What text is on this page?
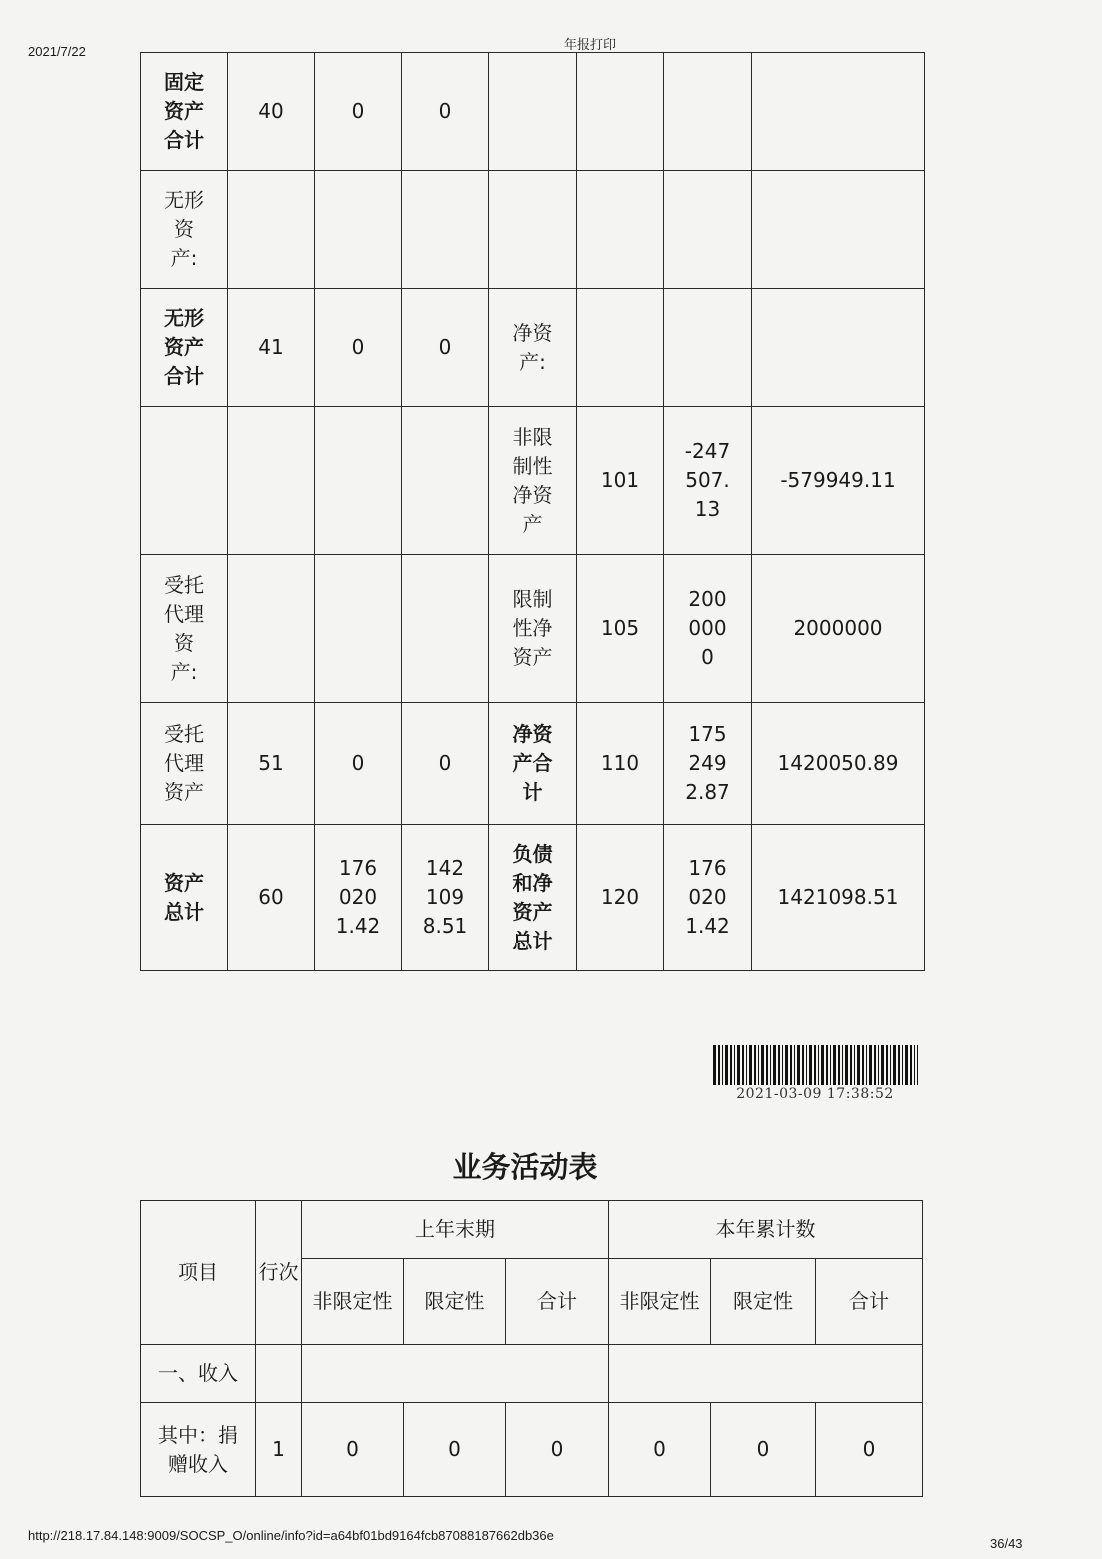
2021/7/22	年报打印
固定资产合计	40	0	0				
无形资产:							
无形资产合计	41	0	0	净资产:			
				非限制性净资产	101	-247507.13	-579949.11
受托代理资产:				限制性净资产	105	2000000	2000000
受托代理资产	51	0	0	净资产合计	110	1752492.87	1420050.89
资产总计	60	1760201.42	1421098.51	负债和净资产总计	120	1760201.42	1421098.51
2021-03-09 17:38:52
业务活动表
项目	行次	上年末期			本年累计数		
		非限定性	限定性	合计	非限定性	限定性	合计
一、收入							
其中：捐赠收入	1	0	0	0	0	0	0
http://218.17.84.148:9009/SOCSP_O/online/info?id=a64bf01bd9164fcb87088187662db36e
36/43
